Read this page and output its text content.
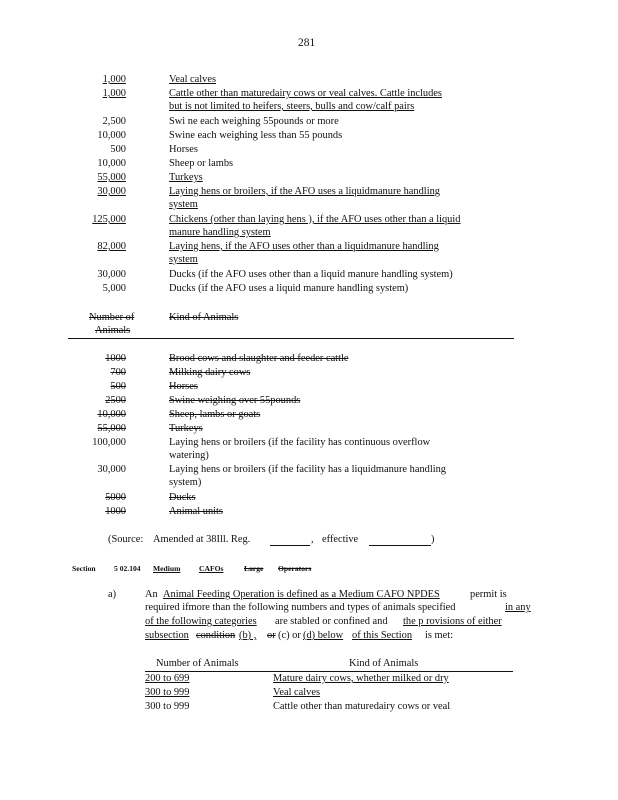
281
1,000	Veal calves
1,000	Cattle other than maturedairy cows or veal calves. Cattle includes
but is not limited to heifers, steers, bulls and cow/calf pairs
2,500	Swi ne each weighing 55pounds or more
10,000	Swine each weighing less than 55 pounds
500	Horses
10,000	Sheep or lambs
55,000	Turkeys
30,000	Laying hens or broilers, if the AFO uses a liquidmanure handling
system
125,000	Chickens (other than laying hens ), if the AFO uses other than a liquid
manure handling system
82,000	Laying hens, if the AFO uses other than a liquidmanure handling
system
30,000	Ducks (if the AFO uses other than a liquid manure handling system)
5,000	Ducks (if the AFO uses a liquid manure handling system)
Number of
Animals
Kind of Animals
1000	Brood cows and slaughter and feeder cattle
700	Milking dairy cows
500	Horses
2500	Swine weighing over 55pounds
10,000	Sheep, lambs or goats
55,000	Turkeys
100,000	Laying hens or broilers (if the facility has continuous overflow
watering)
30,000	Laying hens or broilers (if the facility has a liquidmanure handling
system)
5000	Ducks
1000	Animal units
(Source: Amended at 38Ill. Reg.	, effective	)
Section 5 02.104 Medium CAFOs	Large Operators
a)	An Animal Feeding Operation is defined as a Medium CAFO NPDES	permit is
required ifmore than the following numbers and types of animals specified	in any
of the following categories are stabled or confined and the p rovisions of either
subsection condition (b) , or (c) or (d) below of this Section is met:
Number of Animals	Kind of Animals
200 to 699	Mature dairy cows, whether milked or dry
300 to 999	Veal calves
300 to 999	Cattle other than maturedairy cows or veal
